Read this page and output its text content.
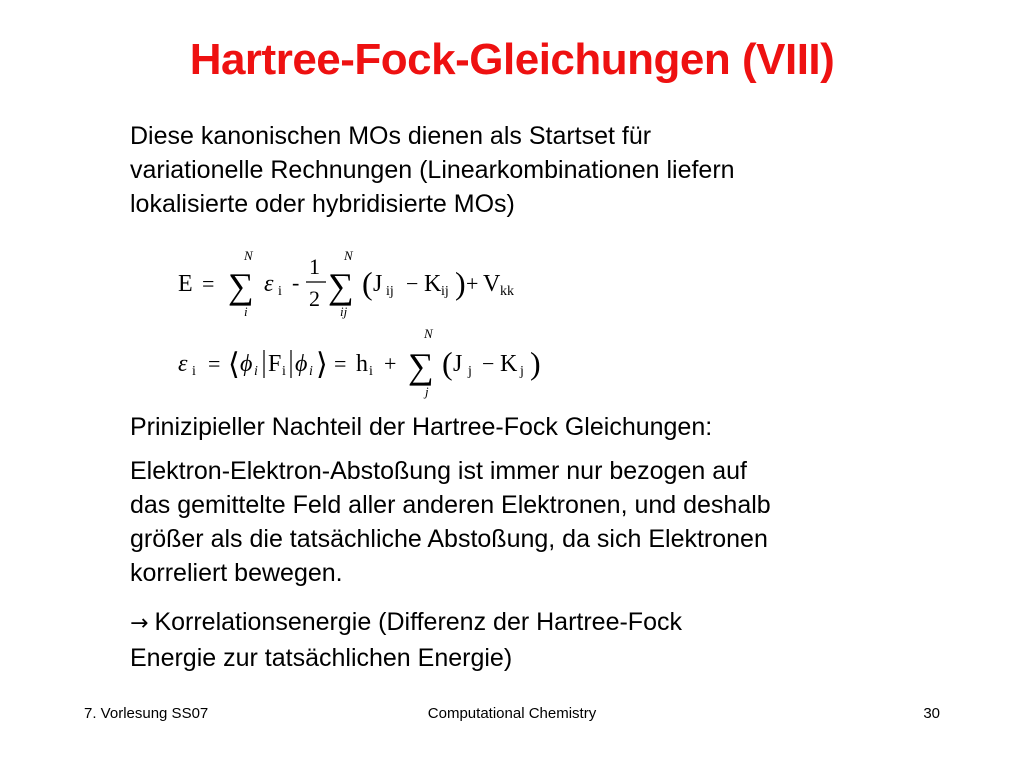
Hartree-Fock-Gleichungen (VIII)
Diese kanonischen MOs dienen als Startset für
variationelle Rechnungen (Linearkombinationen liefern
lokalisierte oder hybridisierte MOs)
E =
N
∑
i
ε i -
1
2
N
∑
ij
( J ij − K ij ) + V kk
ε i = ⟨ ϕ i F i ϕ i ⟩ = h i +
N
∑
j
( J j − K j )
Prinizipieller Nachteil der Hartree-Fock Gleichungen:
Elektron-Elektron-Abstoßung ist immer nur bezogen auf
das gemittelte Feld aller anderen Elektronen, und deshalb
größer als die tatsächliche Abstoßung, da sich Elektronen
korreliert bewegen.
→ Korrelationsenergie (Differenz der Hartree-Fock
Energie zur tatsächlichen Energie)
7. Vorlesung SS07	Computational Chemistry	30
